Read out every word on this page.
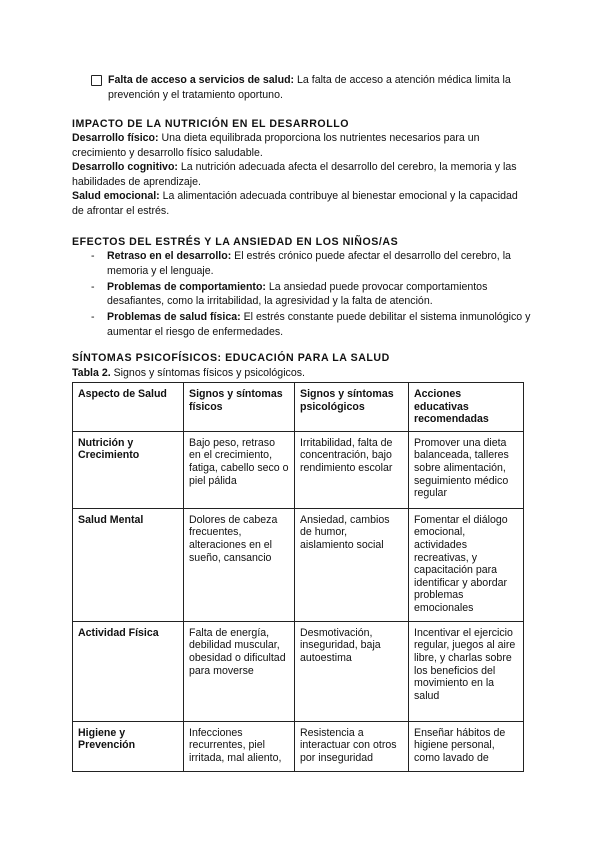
Falta de acceso a servicios de salud: La falta de acceso a atención médica limita la prevención y el tratamiento oportuno.
IMPACTO DE LA NUTRICIÓN EN EL DESARROLLO
Desarrollo físico: Una dieta equilibrada proporciona los nutrientes necesarios para un crecimiento y desarrollo físico saludable.
Desarrollo cognitivo: La nutrición adecuada afecta el desarrollo del cerebro, la memoria y las habilidades de aprendizaje.
Salud emocional: La alimentación adecuada contribuye al bienestar emocional y la capacidad de afrontar el estrés.
EFECTOS DEL ESTRÉS Y LA ANSIEDAD EN LOS NIÑOS/AS
- Retraso en el desarrollo: El estrés crónico puede afectar el desarrollo del cerebro, la memoria y el lenguaje.
- Problemas de comportamiento: La ansiedad puede provocar comportamientos desafiantes, como la irritabilidad, la agresividad y la falta de atención.
- Problemas de salud física: El estrés constante puede debilitar el sistema inmunológico y aumentar el riesgo de enfermedades.
SÍNTOMAS PSICOFÍSICOS: EDUCACIÓN PARA LA SALUD
Tabla 2. Signos y síntomas físicos y psicológicos.
Aspecto de Salud	Signos y síntomas físicos	Signos y síntomas psicológicos	Acciones educativas recomendadas
Nutrición y Crecimiento	Bajo peso, retraso en el crecimiento, fatiga, cabello seco o piel pálida	Irritabilidad, falta de concentración, bajo rendimiento escolar	Promover una dieta balanceada, talleres sobre alimentación, seguimiento médico regular
Salud Mental	Dolores de cabeza frecuentes, alteraciones en el sueño, cansancio	Ansiedad, cambios de humor, aislamiento social	Fomentar el diálogo emocional, actividades recreativas, y capacitación para identificar y abordar problemas emocionales
Actividad Física	Falta de energía, debilidad muscular, obesidad o dificultad para moverse	Desmotivación, inseguridad, baja autoestima	Incentivar el ejercicio regular, juegos al aire libre, y charlas sobre los beneficios del movimiento en la salud
Higiene y Prevención	Infecciones recurrentes, piel irritada, mal aliento,	Resistencia a interactuar con otros por inseguridad	Enseñar hábitos de higiene personal, como lavado de
